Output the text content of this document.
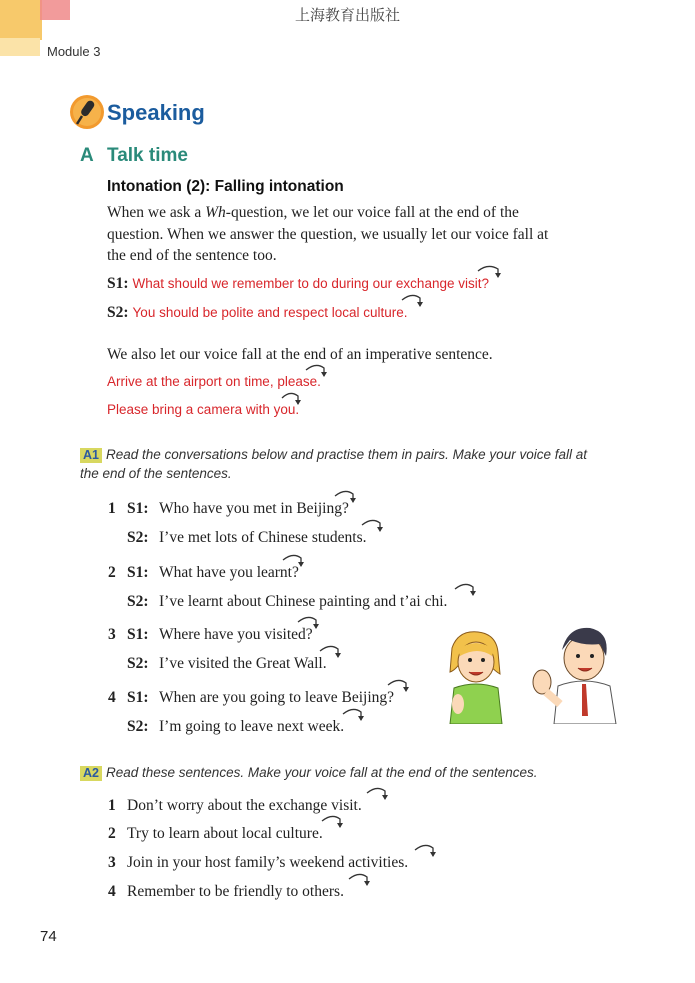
上海教育出版社
Module 3
Speaking
A Talk time
Intonation (2): Falling intonation
When we ask a Wh-question, we let our voice fall at the end of the
question. When we answer the question, we usually let our voice fall at
the end of the sentence too.
S1: What should we remember to do during our exchange visit?
S2: You should be polite and respect local culture.
We also let our voice fall at the end of an imperative sentence.
Arrive at the airport on time, please.
Please bring a camera with you.
A1 Read the conversations below and practise them in pairs. Make your voice fall at
the end of the sentences.
1 S1: Who have you met in Beijing?
S2: I’ve met lots of Chinese students.
2 S1: What have you learnt?
S2: I’ve learnt about Chinese painting and t’ai chi.
3 S1: Where have you visited?
S2: I’ve visited the Great Wall.
4 S1: When are you going to leave Beijing?
S2: I’m going to leave next week.
A2 Read these sentences. Make your voice fall at the end of the sentences.
1 Don’t worry about the exchange visit.
2 Try to learn about local culture.
3 Join in your host family’s weekend activities.
4 Remember to be friendly to others.
74
